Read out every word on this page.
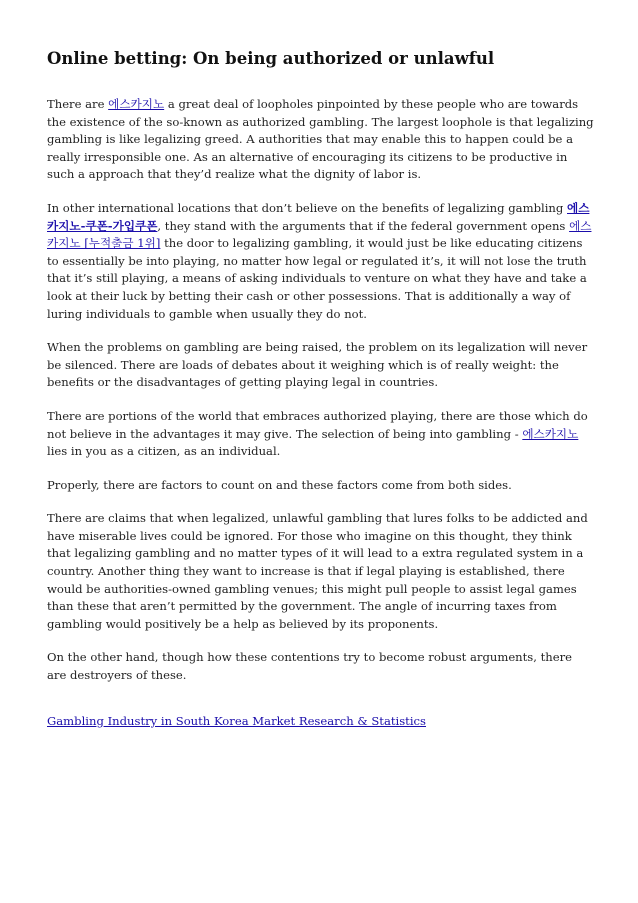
Online betting: On being authorized or unlawful

There are 에스카지노 a great deal of loopholes pinpointed by these people who are towards the existence of the so-known as authorized gambling. The largest loophole is that legalizing gambling is like legalizing greed. A authorities that may enable this to happen could be a really irresponsible one. As an alternative of encouraging its citizens to be productive in such a approach that they’d realize what the dignity of labor is.

In other international locations that don’t believe on the benefits of legalizing gambling 에스카지노-쿠폰-가입쿠폰, they stand with the arguments that if the federal government opens 에스카지노 [누적출금 1위] the door to legalizing gambling, it would just be like educating citizens to essentially be into playing, no matter how legal or regulated it’s, it will not lose the truth that it’s still playing, a means of asking individuals to venture on what they have and take a look at their luck by betting their cash or other possessions. That is additionally a way of luring individuals to gamble when usually they do not.

When the problems on gambling are being raised, the problem on its legalization will never be silenced. There are loads of debates about it weighing which is of really weight: the benefits or the disadvantages of getting playing legal in countries.

There are portions of the world that embraces authorized playing, there are those which do not believe in the advantages it may give. The selection of being into gambling - 에스카지노 lies in you as a citizen, as an individual.

Properly, there are factors to count on and these factors come from both sides.

There are claims that when legalized, unlawful gambling that lures folks to be addicted and have miserable lives could be ignored. For those who imagine on this thought, they think that legalizing gambling and no matter types of it will lead to a extra regulated system in a country. Another thing they want to increase is that if legal playing is established, there would be authorities-owned gambling venues; this might pull people to assist legal games than these that aren’t permitted by the government. The angle of incurring taxes from gambling would positively be a help as believed by its proponents.

On the other hand, though how these contentions try to become robust arguments, there are destroyers of these.

Gambling Industry in South Korea Market Research & Statistics
